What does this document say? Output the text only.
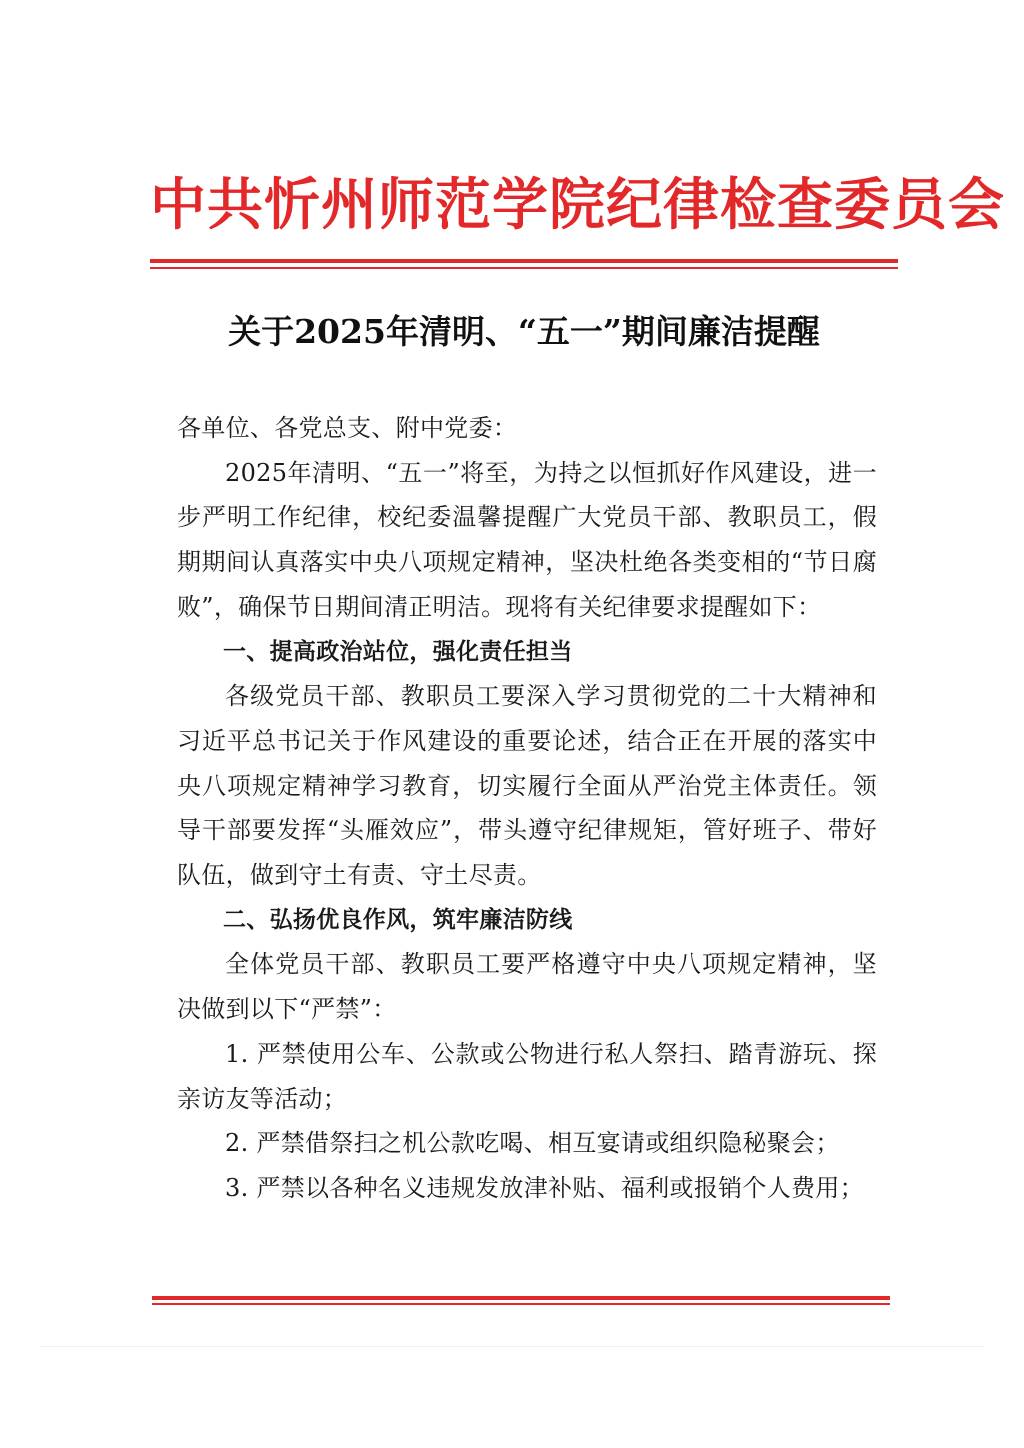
中共忻州师范学院纪律检查委员会
关于2025年清明、“五一”期间廉洁提醒

各单位、各党总支、附中党委：

2025年清明、“五一”将至，为持之以恒抓好作风建设，进一步严明工作纪律，校纪委温馨提醒广大党员干部、教职员工，假期期间认真落实中央八项规定精神，坚决杜绝各类变相的“节日腐败”，确保节日期间清正明洁。现将有关纪律要求提醒如下：

一、提高政治站位，强化责任担当

各级党员干部、教职员工要深入学习贯彻党的二十大精神和习近平总书记关于作风建设的重要论述，结合正在开展的落实中央八项规定精神学习教育，切实履行全面从严治党主体责任。领导干部要发挥“头雁效应”，带头遵守纪律规矩，管好班子、带好队伍，做到守土有责、守土尽责。

二、弘扬优良作风，筑牢廉洁防线

全体党员干部、教职员工要严格遵守中央八项规定精神，坚决做到以下“严禁”：

1. 严禁使用公车、公款或公物进行私人祭扫、踏青游玩、探亲访友等活动；

2. 严禁借祭扫之机公款吃喝、相互宴请或组织隐秘聚会；

3. 严禁以各种名义违规发放津补贴、福利或报销个人费用；
